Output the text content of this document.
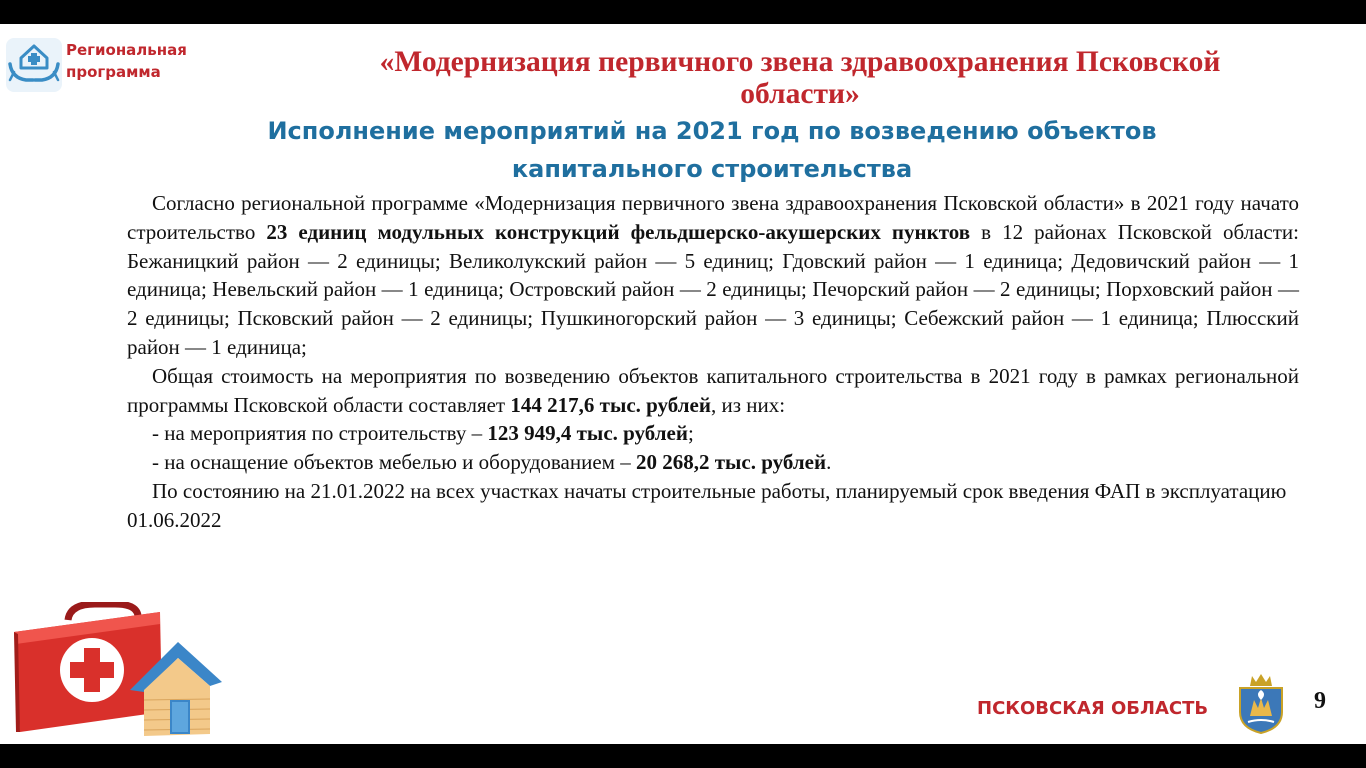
Региональная
программа	«Модернизация первичного звена здравоохранения Псковской
области»
Исполнение мероприятий на 2021 год по возведению объектов
капитального строительства

Согласно региональной программе «Модернизация первичного звена здравоохранения Псковской области» в 2021 году начато строительство 23 единиц модульных конструкций фельдшерско-акушерских пунктов в 12 районах Псковской области: Бежаницкий район — 2 единицы; Великолукский район — 5 единиц; Гдовский район — 1 единица; Дедовичский район — 1 единица; Невельский район — 1 единица; Островский район — 2 единицы; Печорский район — 2 единицы; Порховский район — 2 единицы; Псковский район — 2 единицы; Пушкиногорский район — 3 единицы; Себежский район — 1 единица; Плюсский район — 1 единица;

Общая стоимость на мероприятия по возведению объектов капитального строительства в 2021 году в рамках региональной программы Псковской области составляет 144 217,6 тыс. рублей, из них:

- на мероприятия по строительству – 123 949,4 тыс. рублей;

- на оснащение объектов мебелью и оборудованием – 20 268,2 тыс. рублей.

По состоянию на 21.01.2022 на всех участках начаты строительные работы, планируемый срок введения ФАП в эксплуатацию 01.06.2022

ПСКОВСКАЯ ОБЛАСТЬ	9
